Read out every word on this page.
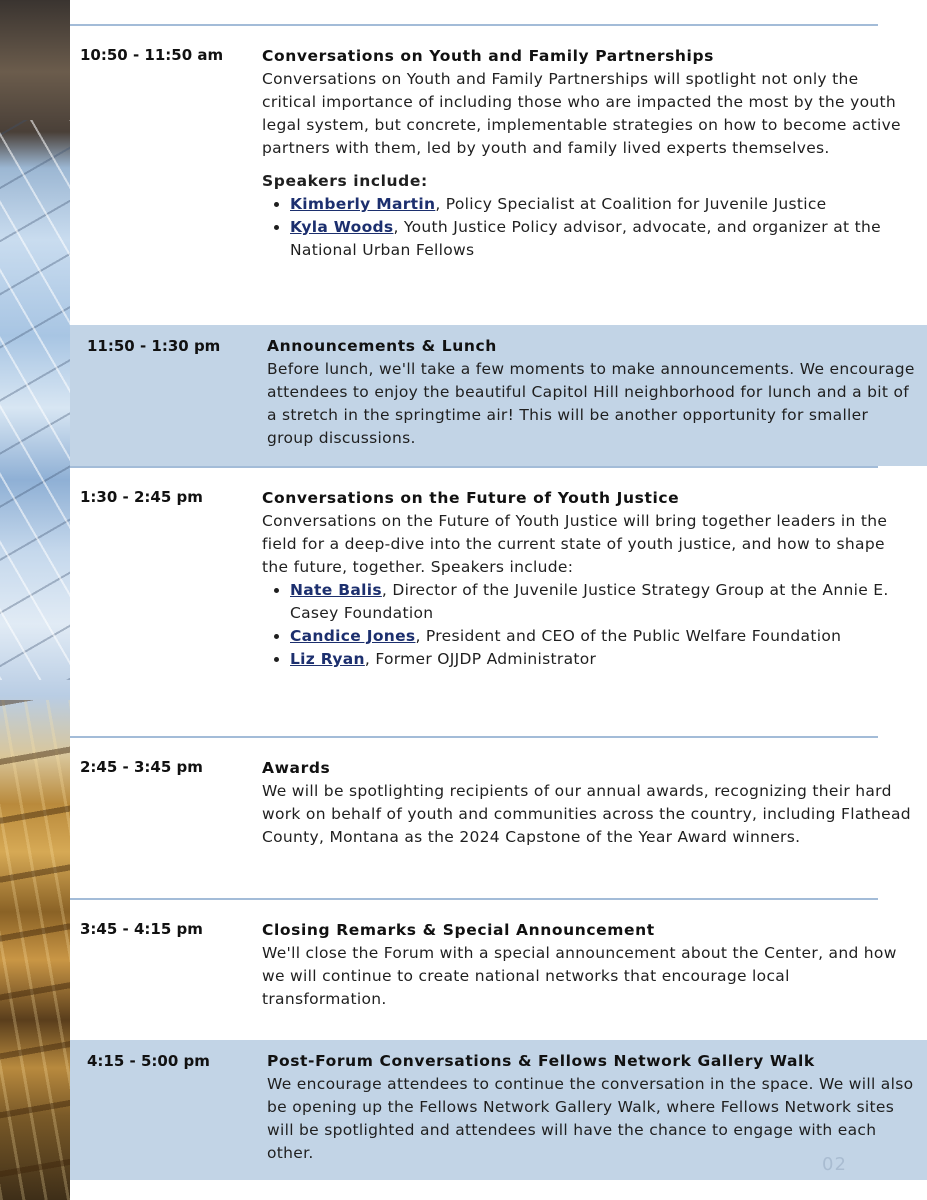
10:50 - 11:50 am	Conversations on Youth and Family Partnerships

Conversations on Youth and Family Partnerships will spotlight not only the critical importance of including those who are impacted the most by the youth legal system, but concrete, implementable strategies on how to become active partners with them, led by youth and family lived experts themselves.

Speakers include:
• Kimberly Martin, Policy Specialist at Coalition for Juvenile Justice
• Kyla Woods, Youth Justice Policy advisor, advocate, and organizer at the National Urban Fellows
11:50 - 1:30 pm	Announcements & Lunch

Before lunch, we'll take a few moments to make announcements. We encourage attendees to enjoy the beautiful Capitol Hill neighborhood for lunch and a bit of a stretch in the springtime air! This will be another opportunity for smaller group discussions.

1:30 - 2:45 pm	Conversations on the Future of Youth Justice

Conversations on the Future of Youth Justice will bring together leaders in the field for a deep-dive into the current state of youth justice, and how to shape the future, together. Speakers include:

• Nate Balis, Director of the Juvenile Justice Strategy Group at the Annie E. Casey Foundation
• Candice Jones, President and CEO of the Public Welfare Foundation
• Liz Ryan, Former OJJDP Administrator
2:45 - 3:45 pm	Awards

We will be spotlighting recipients of our annual awards, recognizing their hard work on behalf of youth and communities across the country, including Flathead County, Montana as the 2024 Capstone of the Year Award winners.

3:45 - 4:15 pm	Closing Remarks & Special Announcement

We'll close the Forum with a special announcement about the Center, and how we will continue to create national networks that encourage local transformation.

4:15 - 5:00 pm	Post-Forum Conversations & Fellows Network Gallery Walk

We encourage attendees to continue the conversation in the space. We will also be opening up the Fellows Network Gallery Walk, where Fellows Network sites will be spotlighted and attendees will have the chance to engage with each other.

02
